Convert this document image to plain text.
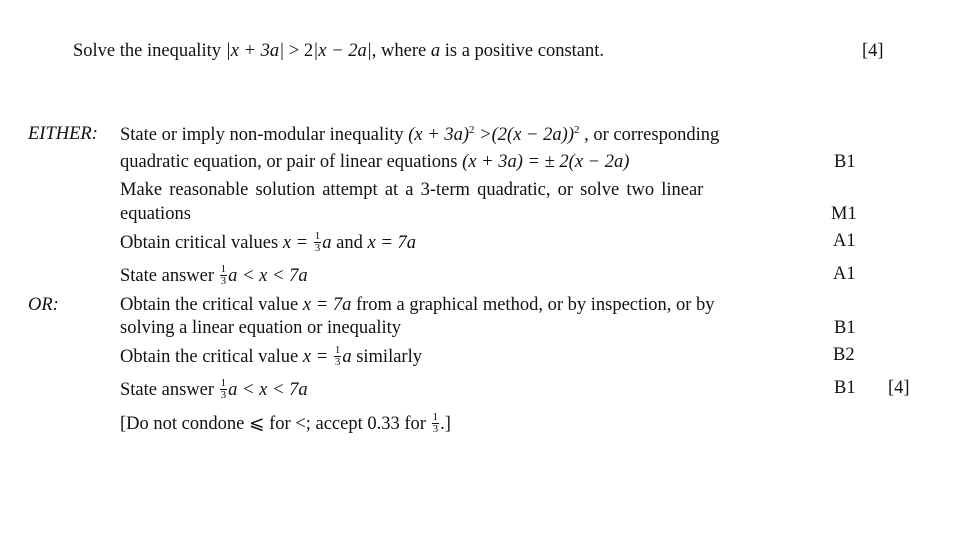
Solve the inequality |x + 3a| > 2|x − 2a|, where a is a positive constant.	[4]
EITHER: State or imply non-modular inequality $(x + 3a)^2 >(2(x - 2a))^2$ , or corresponding
quadratic equation, or pair of linear equations (x + 3a) = ± 2(x − 2a)	B1
Make reasonable solution attempt at a 3-term quadratic, or solve two linear
equations	M1
Obtain critical values $x = \frac{1}{3}$ a and x = 7a	A1
State answer $\frac{1}{3}$ a < x < 7a	A1
OR:	Obtain the critical value x = 7a from a graphical method, or by inspection, or by
solving a linear equation or inequality	B1
Obtain the critical value $x = \frac{1}{3}$ a similarly	B2
State answer $\frac{1}{3}$ a < x < 7a	B1 [4]
[Do not condone ⩽ for <; accept 0.33 for $\frac{1}{3}$ .]
